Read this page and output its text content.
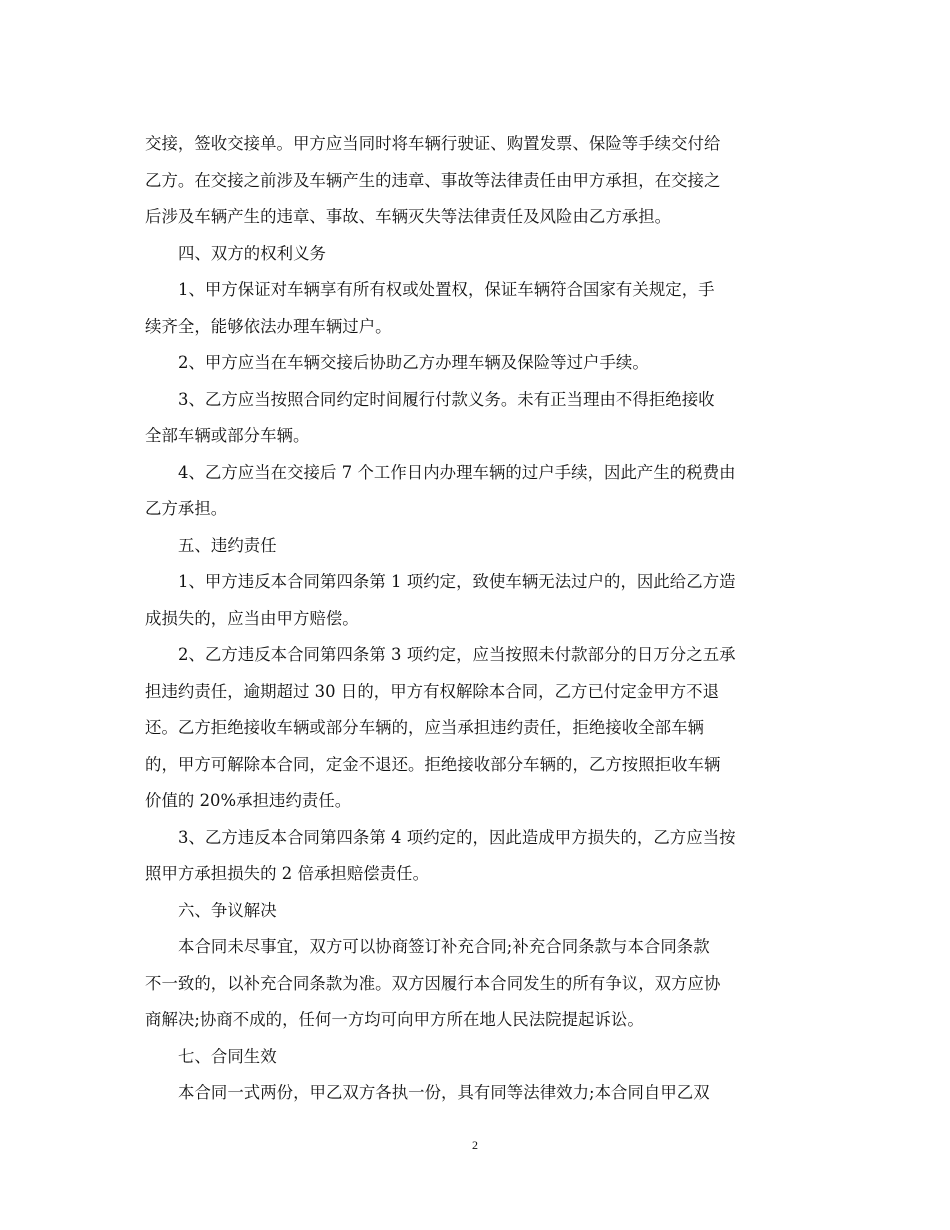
交接，签收交接单。甲方应当同时将车辆行驶证、购置发票、保险等手续交付给
乙方。在交接之前涉及车辆产生的违章、事故等法律责任由甲方承担，在交接之
后涉及车辆产生的违章、事故、车辆灭失等法律责任及风险由乙方承担。
四、双方的权利义务
1、甲方保证对车辆享有所有权或处置权，保证车辆符合国家有关规定，手
续齐全，能够依法办理车辆过户。
2、甲方应当在车辆交接后协助乙方办理车辆及保险等过户手续。
3、乙方应当按照合同约定时间履行付款义务。未有正当理由不得拒绝接收
全部车辆或部分车辆。
4、乙方应当在交接后 7 个工作日内办理车辆的过户手续，因此产生的税费由
乙方承担。
五、违约责任
1、甲方违反本合同第四条第 1 项约定，致使车辆无法过户的，因此给乙方造
成损失的，应当由甲方赔偿。
2、乙方违反本合同第四条第 3 项约定，应当按照未付款部分的日万分之五承
担违约责任，逾期超过 30 日的，甲方有权解除本合同，乙方已付定金甲方不退
还。乙方拒绝接收车辆或部分车辆的，应当承担违约责任，拒绝接收全部车辆
的，甲方可解除本合同，定金不退还。拒绝接收部分车辆的，乙方按照拒收车辆
价值的 20%承担违约责任。
3、乙方违反本合同第四条第 4 项约定的，因此造成甲方损失的，乙方应当按
照甲方承担损失的 2 倍承担赔偿责任。
六、争议解决
本合同未尽事宜，双方可以协商签订补充合同;补充合同条款与本合同条款
不一致的，以补充合同条款为准。双方因履行本合同发生的所有争议，双方应协
商解决;协商不成的，任何一方均可向甲方所在地人民法院提起诉讼。
七、合同生效
本合同一式两份，甲乙双方各执一份，具有同等法律效力;本合同自甲乙双
2
